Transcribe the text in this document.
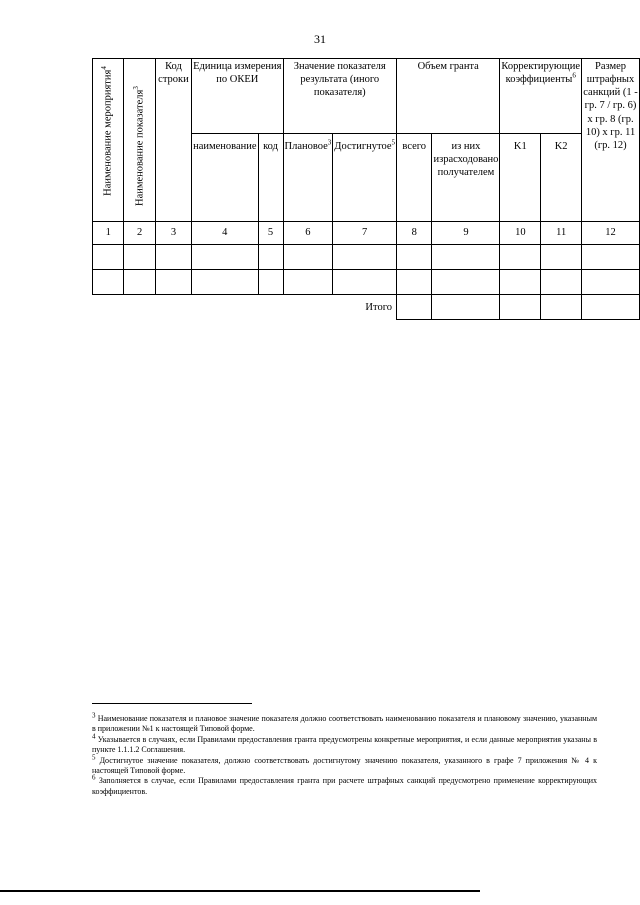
31
Наименование мероприятия$^4$	Наименование показателя$^3$	Код строки	Единица измерения по ОКЕИ		Значение показателя результата (иного показателя)		Объем гранта		Корректирующие коэффициенты$^6$		Размер штрафных санкций (1 - гр. 7 / гр. 6) x гр. 8 (гр. 10) x гр. 11 (гр. 12)
			наименование	код	Плановое$^3$	Достигнутое$^5$	всего	из них израсходовано получателем	K1	K2	
1	2	3	4	5	6	7	8	9	10	11	12

Итого											

$^3$ Наименование показателя и плановое значение показателя должно соответствовать наименованию показателя и плановому значению, указанным в приложении №1 к настоящей Типовой форме.

$^4$ Указывается в случаях, если Правилами предоставления гранта предусмотрены конкретные мероприятия, и если данные мероприятия указаны в пункте 1.1.1.2 Соглашения.

$^5$ Достигнутое значение показателя, должно соответствовать достигнутому значению показателя, указанного в графе 7 приложения № 4 к настоящей Типовой форме.

$^6$ Заполняется в случае, если Правилами предоставления гранта при расчете штрафных санкций предусмотрено применение корректирующих коэффициентов.
